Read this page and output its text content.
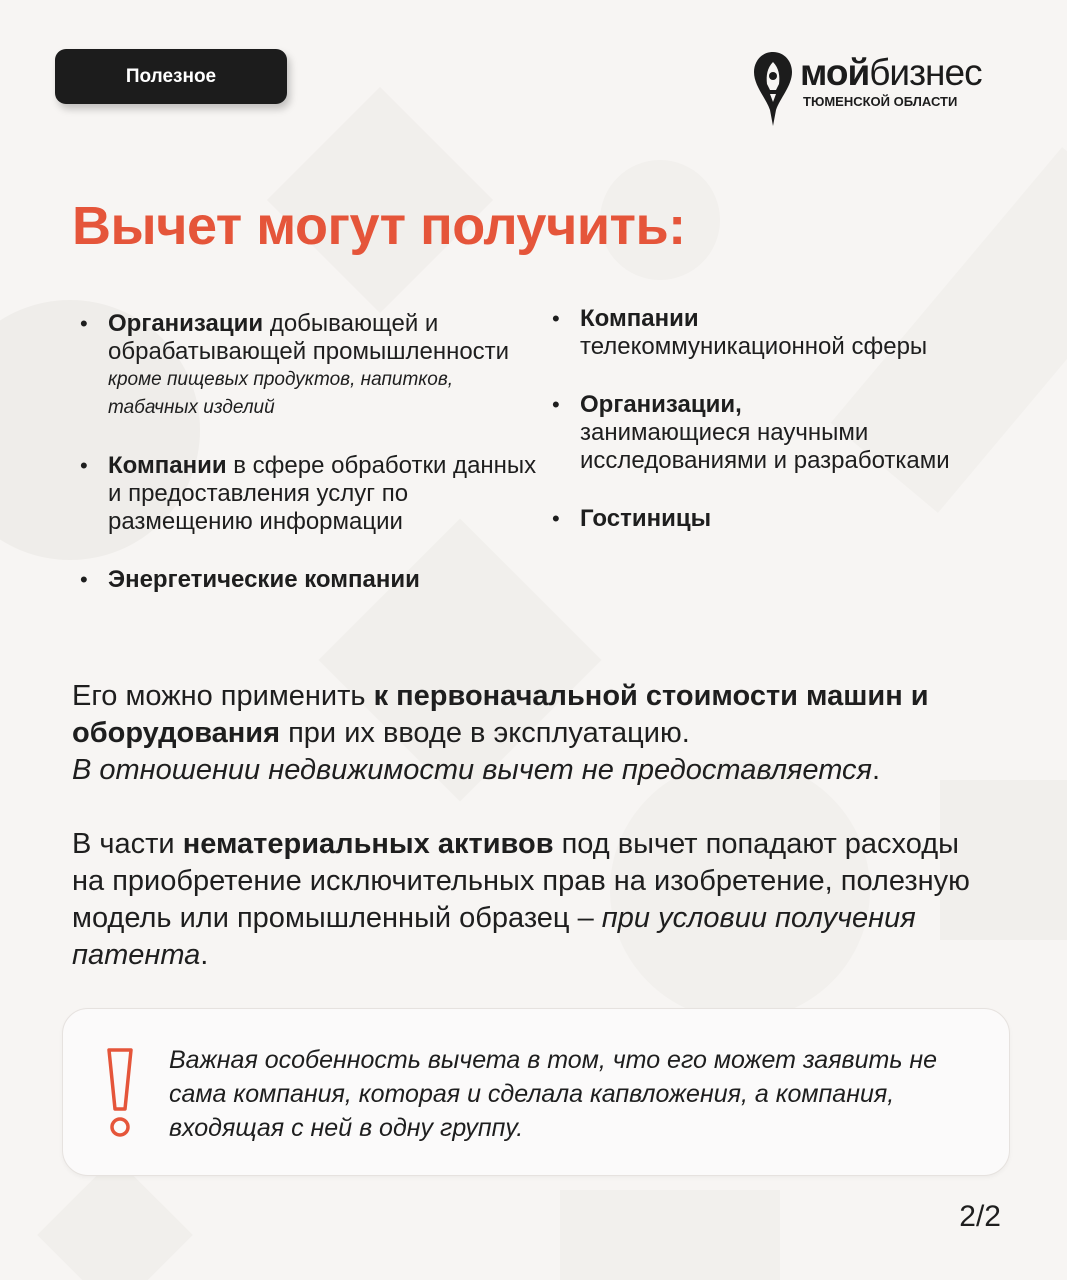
Полезное	мойбизнес
ТЮМЕНСКОЙ ОБЛАСТИ
Вычет могут получить:
• Организации добывающей и обрабатывающей промышленности
кроме пищевых продуктов, напитков, табачных изделий
• Компании в сфере обработки данных и предоставления услуг по размещению информации
• Энергетические компании
• Компании
телекоммуникационной сферы
• Организации,
занимающиеся научными исследованиями и разработками
• Гостиницы

Его можно применить к первоначальной стоимости машин и оборудования при их вводе в эксплуатацию.
В отношении недвижимости вычет не предоставляется.

В части нематериальных активов под вычет попадают расходы на приобретение исключительных прав на изобретение, полезную модель или промышленный образец – при условии получения патента.

Важная особенность вычета в том, что его может заявить не сама компания, которая и сделала капвложения, а компания, входящая с ней в одну группу.
2/2
